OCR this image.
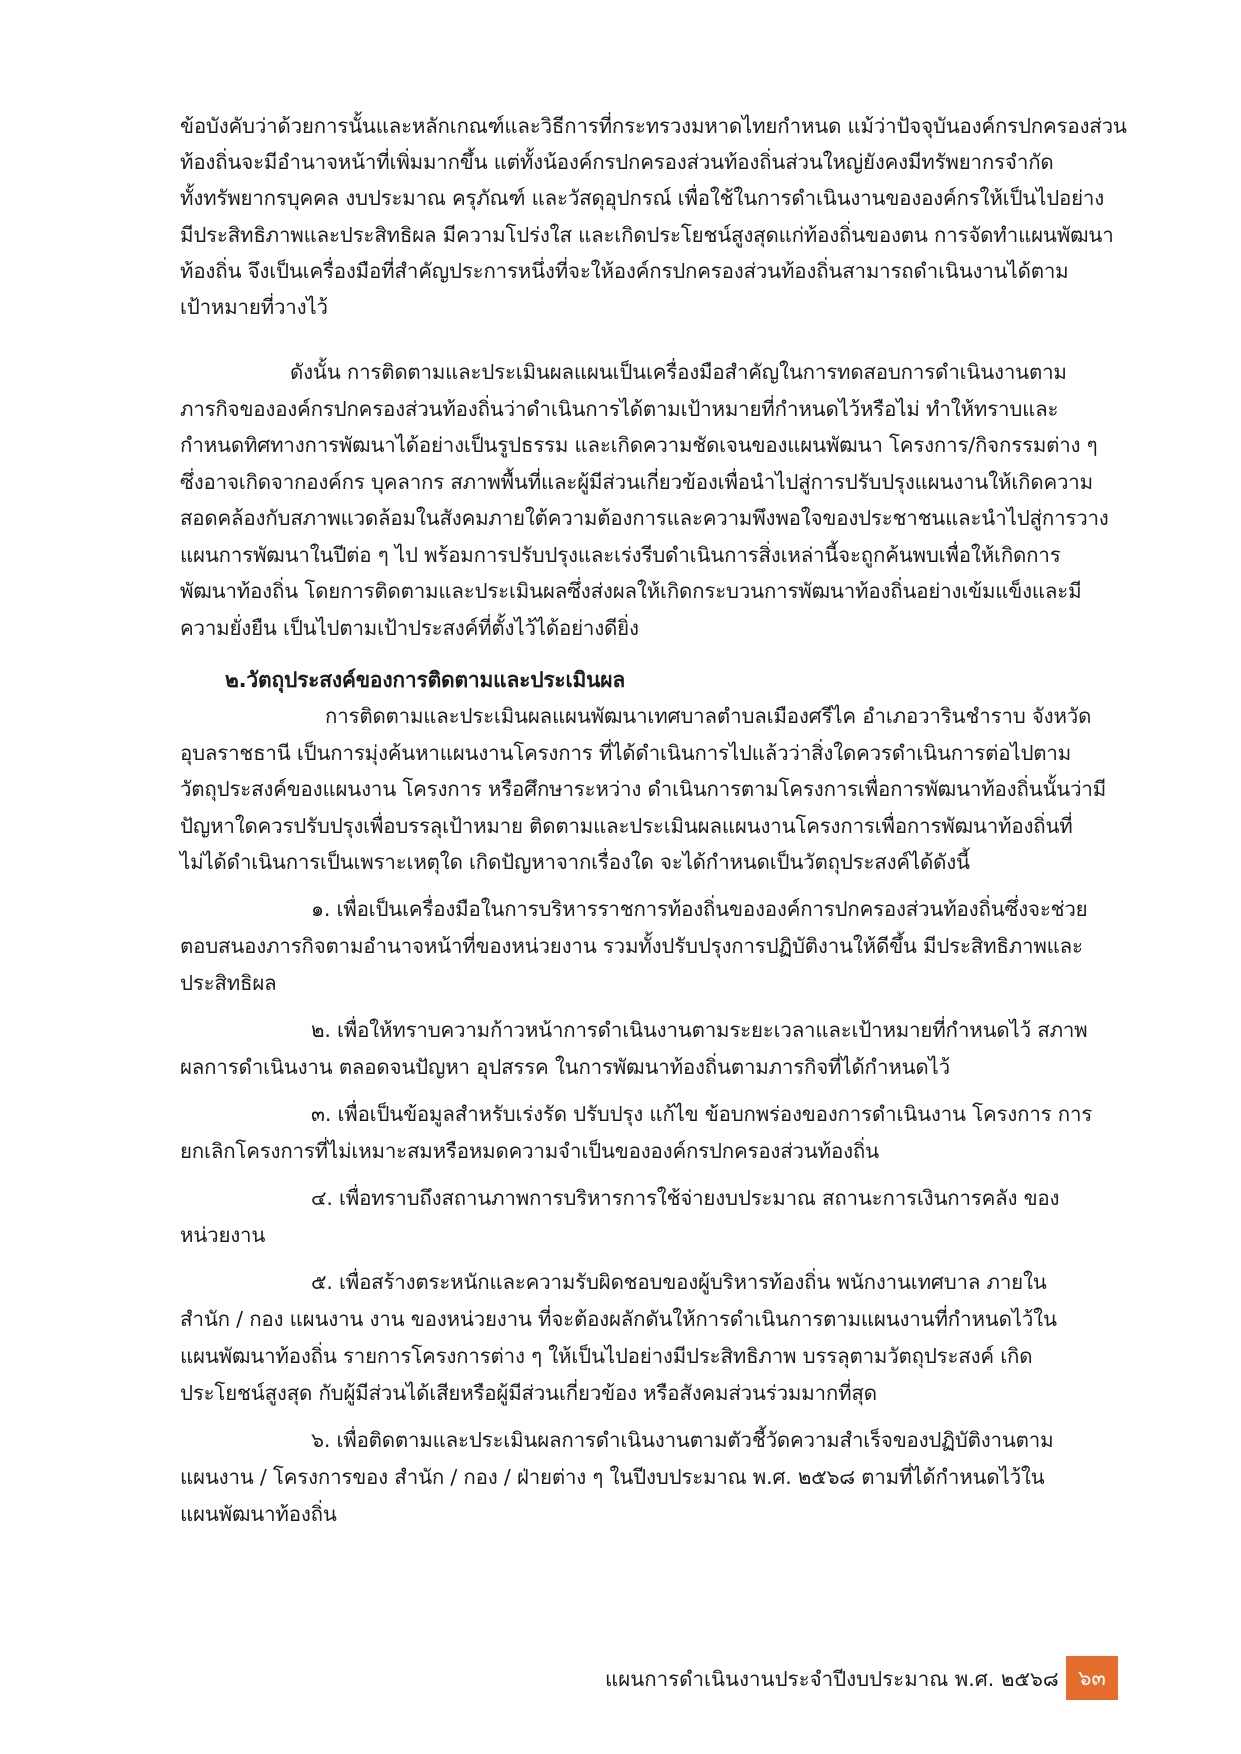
ข้อบังคับว่าด้วยการนั้นและหลักเกณฑ์และวิธีการที่กระทรวงมหาดไทยกำหนด แม้ว่าปัจจุบันองค์กรปกครองส่วน
ท้องถิ่นจะมีอำนาจหน้าที่เพิ่มมากขึ้น แต่ทั้งน้องค์กรปกครองส่วนท้องถิ่นส่วนใหญ่ยังคงมีทรัพยากรจำกัด
ทั้งทรัพยากรบุคคล งบประมาณ ครุภัณฑ์ และวัสดุอุปกรณ์ เพื่อใช้ในการดำเนินงานขององค์กรให้เป็นไปอย่าง
มีประสิทธิภาพและประสิทธิผล มีความโปร่งใส และเกิดประโยชน์สูงสุดแก่ท้องถิ่นของตน การจัดทำแผนพัฒนา
ท้องถิ่น จึงเป็นเครื่องมือที่สำคัญประการหนึ่งที่จะให้องค์กรปกครองส่วนท้องถิ่นสามารถดำเนินงานได้ตาม
เป้าหมายที่วางไว้
ดังนั้น การติดตามและประเมินผลแผนเป็นเครื่องมือสำคัญในการทดสอบการดำเนินงานตาม
ภารกิจขององค์กรปกครองส่วนท้องถิ่นว่าดำเนินการได้ตามเป้าหมายที่กำหนดไว้หรือไม่ ทำให้ทราบและ
กำหนดทิศทางการพัฒนาได้อย่างเป็นรูปธรรม และเกิดความชัดเจนของแผนพัฒนา โครงการ/กิจกรรมต่าง ๆ
ซึ่งอาจเกิดจากองค์กร บุคลากร สภาพพื้นที่และผู้มีส่วนเกี่ยวข้องเพื่อนำไปสู่การปรับปรุงแผนงานให้เกิดความ
สอดคล้องกับสภาพแวดล้อมในสังคมภายใต้ความต้องการและความพึงพอใจของประชาชนและนำไปสู่การวาง
แผนการพัฒนาในปีต่อ ๆ ไป พร้อมการปรับปรุงและเร่งรีบดำเนินการสิ่งเหล่านี้จะถูกค้นพบเพื่อให้เกิดการ
พัฒนาท้องถิ่น โดยการติดตามและประเมินผลซึ่งส่งผลให้เกิดกระบวนการพัฒนาท้องถิ่นอย่างเข้มแข็งและมี
ความยั่งยืน เป็นไปตามเป้าประสงค์ที่ตั้งไว้ได้อย่างดียิ่ง
๒.วัตถุประสงค์ของการติดตามและประเมินผล
การติดตามและประเมินผลแผนพัฒนาเทศบาลตำบลเมืองศรีไค อำเภอวารินชำราบ จังหวัด
อุบลราชธานี เป็นการมุ่งค้นหาแผนงานโครงการ ที่ได้ดำเนินการไปแล้วว่าสิ่งใดควรดำเนินการต่อไปตาม
วัตถุประสงค์ของแผนงาน โครงการ หรือศึกษาระหว่าง ดำเนินการตามโครงการเพื่อการพัฒนาท้องถิ่นนั้นว่ามี
ปัญหาใดควรปรับปรุงเพื่อบรรลุเป้าหมาย ติดตามและประเมินผลแผนงานโครงการเพื่อการพัฒนาท้องถิ่นที่
ไม่ได้ดำเนินการเป็นเพราะเหตุใด เกิดปัญหาจากเรื่องใด จะได้กำหนดเป็นวัตถุประสงค์ได้ดังนี้
๑. เพื่อเป็นเครื่องมือในการบริหารราชการท้องถิ่นขององค์การปกครองส่วนท้องถิ่นซึ่งจะช่วย
ตอบสนองภารกิจตามอำนาจหน้าที่ของหน่วยงาน รวมทั้งปรับปรุงการปฏิบัติงานให้ดีขึ้น มีประสิทธิภาพและ
ประสิทธิผล
๒. เพื่อให้ทราบความก้าวหน้าการดำเนินงานตามระยะเวลาและเป้าหมายที่กำหนดไว้ สภาพ
ผลการดำเนินงาน ตลอดจนปัญหา อุปสรรค ในการพัฒนาท้องถิ่นตามภารกิจที่ได้กำหนดไว้
๓. เพื่อเป็นข้อมูลสำหรับเร่งรัด ปรับปรุง แก้ไข ข้อบกพร่องของการดำเนินงาน โครงการ การ
ยกเลิกโครงการที่ไม่เหมาะสมหรือหมดความจำเป็นขององค์กรปกครองส่วนท้องถิ่น
๔. เพื่อทราบถึงสถานภาพการบริหารการใช้จ่ายงบประมาณ สถานะการเงินการคลัง ของ
หน่วยงาน
๕. เพื่อสร้างตระหนักและความรับผิดชอบของผู้บริหารท้องถิ่น พนักงานเทศบาล ภายใน
สำนัก / กอง แผนงาน งาน ของหน่วยงาน ที่จะต้องผลักดันให้การดำเนินการตามแผนงานที่กำหนดไว้ใน
แผนพัฒนาท้องถิ่น รายการโครงการต่าง ๆ ให้เป็นไปอย่างมีประสิทธิภาพ บรรลุตามวัตถุประสงค์ เกิด
ประโยชน์สูงสุด กับผู้มีส่วนได้เสียหรือผู้มีส่วนเกี่ยวข้อง หรือสังคมส่วนร่วมมากที่สุด
๖. เพื่อติดตามและประเมินผลการดำเนินงานตามตัวชี้วัดความสำเร็จของปฏิบัติงานตาม
แผนงาน / โครงการของ สำนัก / กอง / ฝ่ายต่าง ๆ ในปีงบประมาณ พ.ศ. ๒๕๖๘ ตามที่ได้กำหนดไว้ใน
แผนพัฒนาท้องถิ่น
แผนการดำเนินงานประจำปีงบประมาณ พ.ศ. ๒๕๖๘ ๖๓
